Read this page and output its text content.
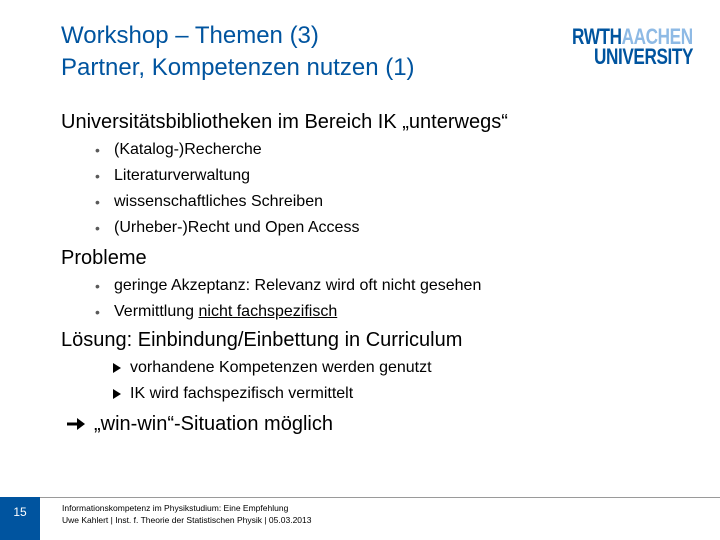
Workshop – Themen (3)
Partner, Kompetenzen nutzen (1)
RWTHAACHEN
UNIVERSITY
Universitätsbibliotheken im Bereich IK „unterwegs“
• (Katalog-)Recherche
• Literaturverwaltung
• wissenschaftliches Schreiben
• (Urheber-)Recht und Open Access
Probleme
• geringe Akzeptanz: Relevanz wird oft nicht gesehen
• Vermittlung nicht fachspezifisch
Lösung: Einbindung/Einbettung in Curriculum
vorhandene Kompetenzen werden genutzt
IK wird fachspezifisch vermittelt
„win-win“-Situation möglich
15	Informationskompetenz im Physikstudium: Eine Empfehlung
Uwe Kahlert | Inst. f. Theorie der Statistischen Physik | 05.03.2013
